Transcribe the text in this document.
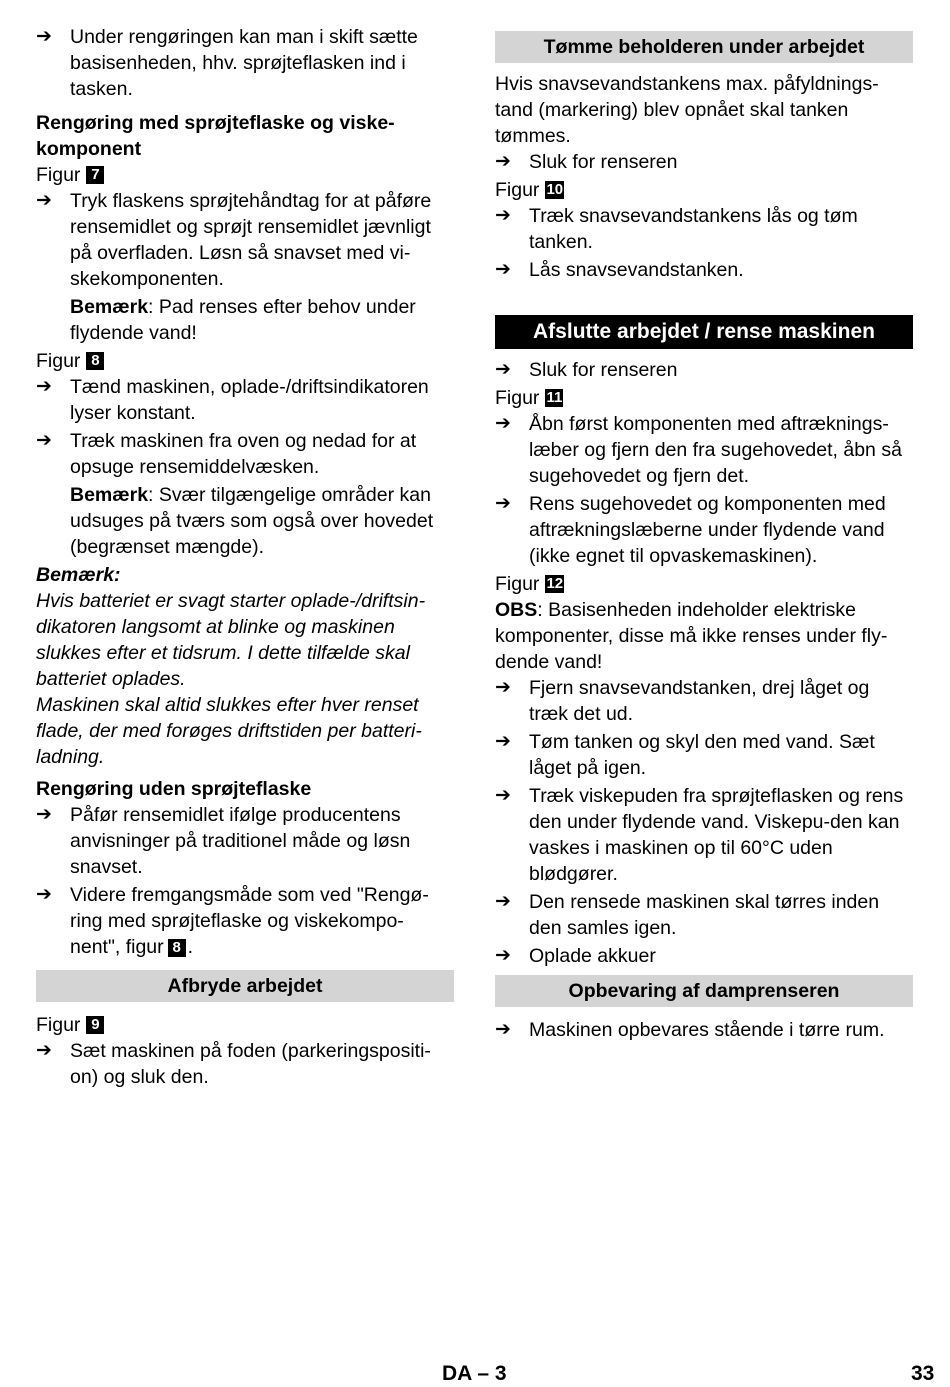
➔ Under rengøringen kan man i skift sætte basisenheden, hhv. sprøjteflasken ind i tasken.
Rengøring med sprøjteflaske og viske-komponent
Figur 7
➔ Tryk flaskens sprøjtehåndtag for at påføre rensemidlet og sprøjt rensemidlet jævnligt på overfladen. Løsn så snavset med vi-skekomponenten.
Bemærk: Pad renses efter behov under flydende vand!
Figur 8
➔ Tænd maskinen, oplade-/driftsindikatoren lyser konstant.
➔ Træk maskinen fra oven og nedad for at opsuge rensemiddelvæsken.
Bemærk: Svær tilgængelige områder kan udsuges på tværs som også over hovedet (begrænset mængde).
Bemærk:
Hvis batteriet er svagt starter oplade-/driftsin-dikatoren langsomt at blinke og maskinen slukkes efter et tidsrum. I dette tilfælde skal batteriet oplades.
Maskinen skal altid slukkes efter hver renset flade, der med forøges driftstiden per batteri-ladning.
Rengøring uden sprøjteflaske
➔ Påfør rensemidlet ifølge producentens anvisninger på traditionel måde og løsn snavset.
➔ Videre fremgangsmåde som ved "Rengø-ring med sprøjteflaske og viskekompo-nent", figur 8 .
Afbryde arbejdet
Figur 9
➔ Sæt maskinen på foden (parkeringspositi-on) og sluk den.
Tømme beholderen under arbejdet
Hvis snavsevandstankens max. påfyldnings-tand (markering) blev opnået skal tanken tømmes.
➔ Sluk for renseren
Figur 10
➔ Træk snavsevandstankens lås og tøm tanken.
➔ Lås snavsevandstanken.
Afslutte arbejdet / rense maskinen
➔ Sluk for renseren
Figur 11
➔ Åbn først komponenten med aftræknings-læber og fjern den fra sugehovedet, åbn så sugehovedet og fjern det.
➔ Rens sugehovedet og komponenten med aftrækningslæberne under flydende vand (ikke egnet til opvaskemaskinen).
Figur 12
OBS: Basisenheden indeholder elektriske komponenter, disse må ikke renses under fly-dende vand!
➔ Fjern snavsevandstanken, drej låget og træk det ud.
➔ Tøm tanken og skyl den med vand. Sæt låget på igen.
➔ Træk viskepuden fra sprøjteflasken og rens den under flydende vand. Viskepu-den kan vaskes i maskinen op til 60°C uden blødgører.
➔ Den rensede maskinen skal tørres inden den samles igen.
➔ Oplade akkuer
Opbevaring af damprenseren
➔ Maskinen opbevares stående i tørre rum.
DA – 3	33
